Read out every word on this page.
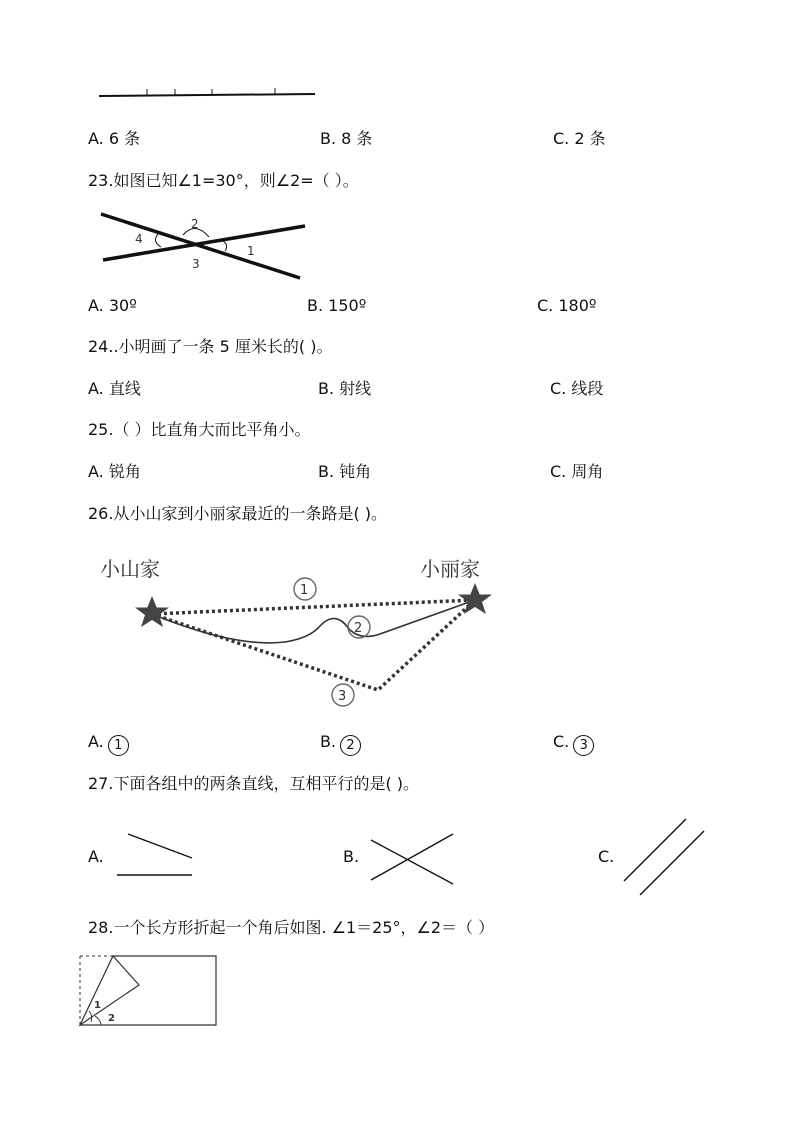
A. 6 条	B. 8 条	C. 2 条
23.如图已知∠1=30°，则∠2=（ ）。
2
4
3
1
A. 30º	B. 150º	C. 180º
24..小明画了一条 5 厘米长的( )。
A. 直线	B. 射线	C. 线段
25.（ ）比直角大而比平角小。
A. 锐角	B. 钝角	C. 周角
26.从小山家到小丽家最近的一条路是( )。
小山家	小丽家
1
2
3
A. 1	B. 2	C. 3
27.下面各组中的两条直线，互相平行的是( )。
A.	B.	C.
28.一个长方形折起一个角后如图. ∠1＝25°，∠2＝（ ）
1
2
